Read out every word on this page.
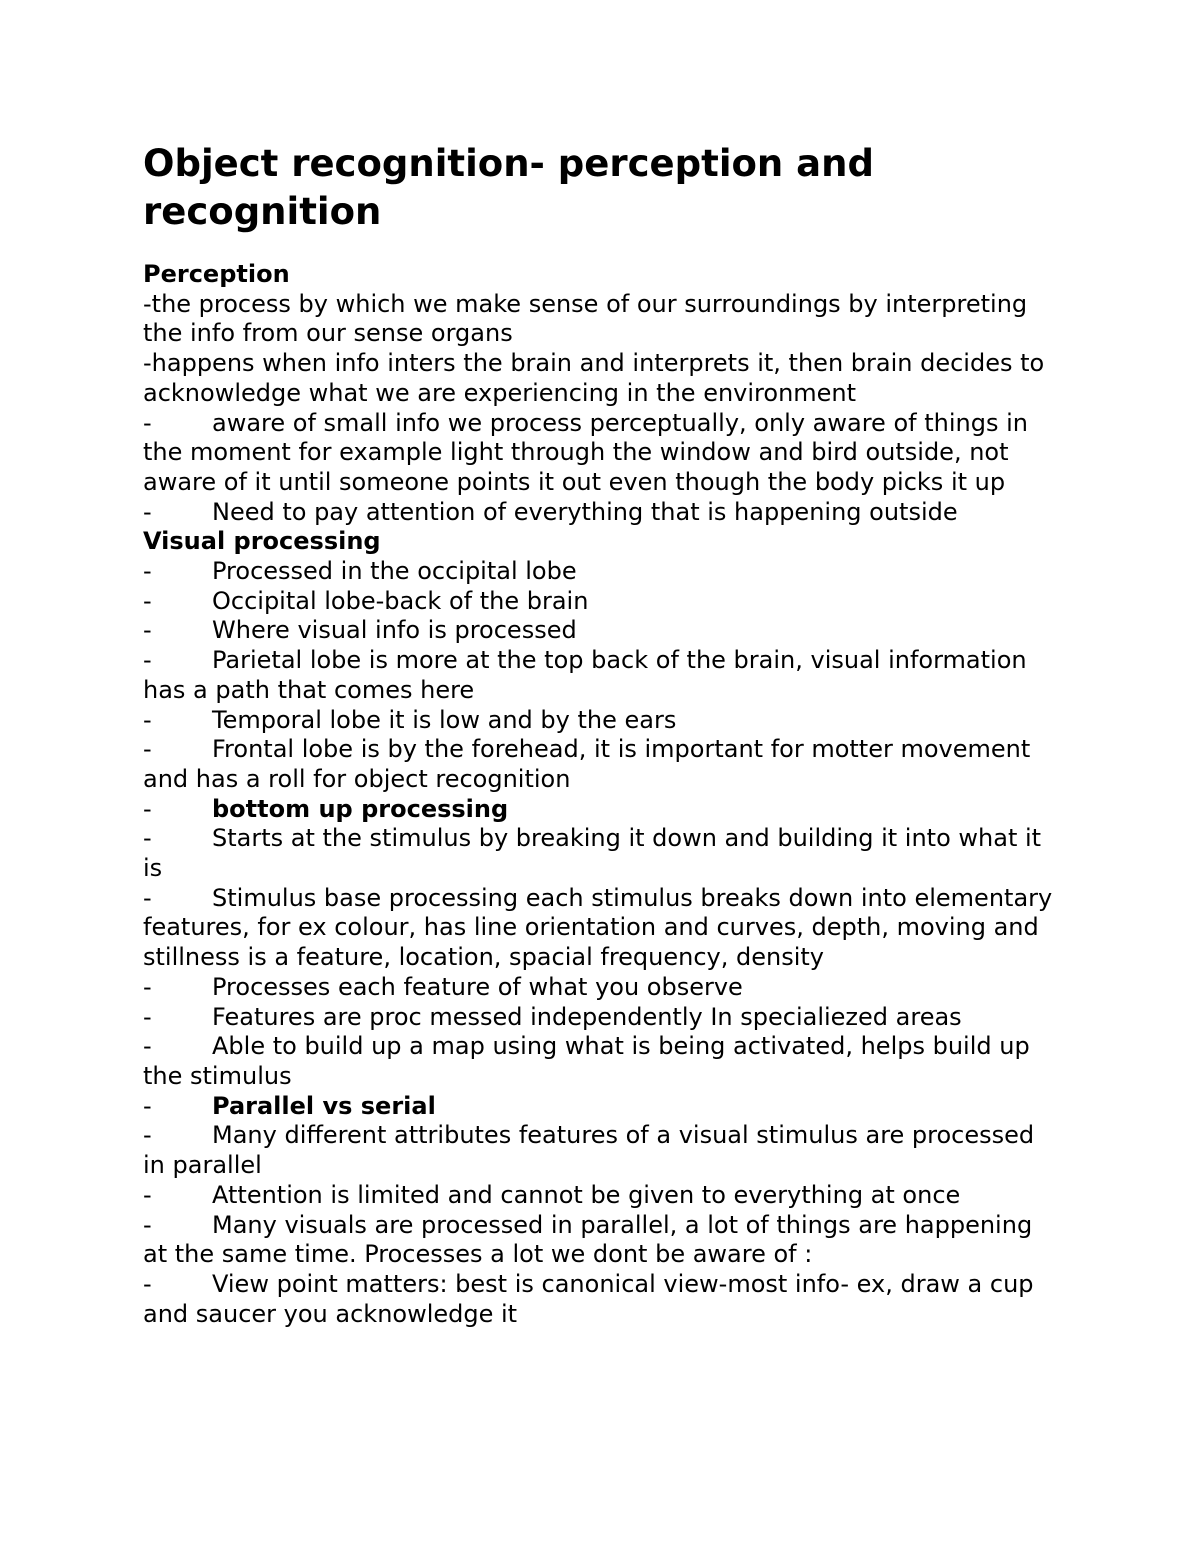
Object recognition- perception and recognition
Perception

-the process by which we make sense of our surroundings by interpreting the info from our sense organs

-happens when info inters the brain and interprets it, then brain decides to acknowledge what we are experiencing in the environment

-	aware of small info we process perceptually, only aware of things in the moment for example light through the window and bird outside, not aware of it until someone points it out even though the body picks it up

-	Need to pay attention of everything that is happening outside

Visual processing

-	Processed in the occipital lobe

-	Occipital lobe-back of the brain

-	Where visual info is processed

-	Parietal lobe is more at the top back of the brain, visual information has a path that comes here

-	Temporal lobe it is low and by the ears

-	Frontal lobe is by the forehead, it is important for motter movement and has a roll for object recognition

-	bottom up processing

-	Starts at the stimulus by breaking it down and building it into what it is

-	Stimulus base processing each stimulus breaks down into elementary features, for ex colour, has line orientation and curves, depth, moving and stillness is a feature, location, spacial frequency, density

-	Processes each feature of what you observe

-	Features are proc messed independently In specialiezed areas

-	Able to build up a map using what is being activated, helps build up the stimulus

-	Parallel vs serial

-	Many different attributes features of a visual stimulus are processed in parallel

-	Attention is limited and cannot be given to everything at once

-	Many visuals are processed in parallel, a lot of things are happening at the same time. Processes a lot we dont be aware of :

-	View point matters: best is canonical view-most info- ex, draw a cup and saucer you acknowledge it
